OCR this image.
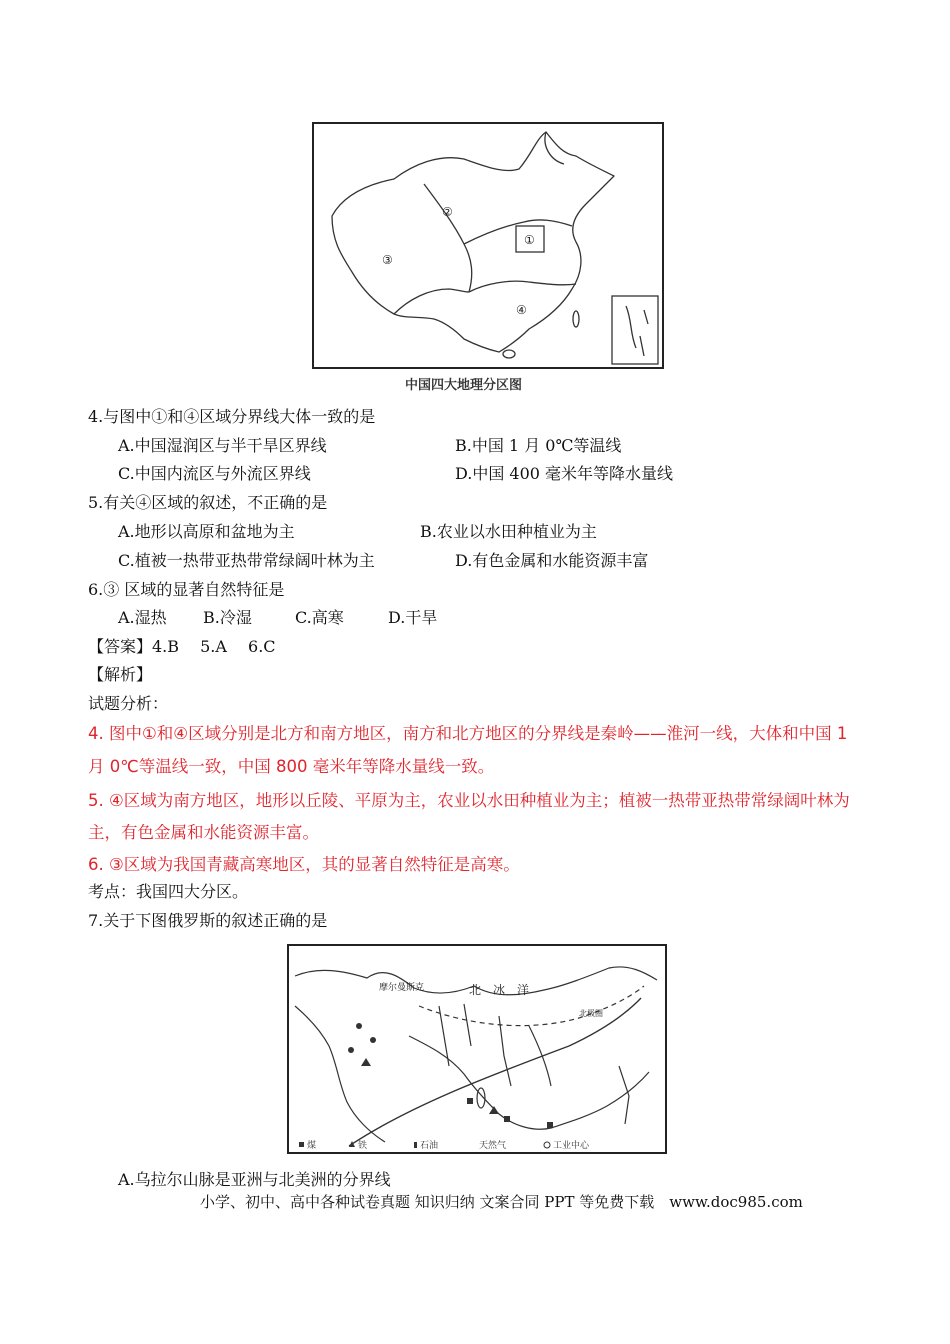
①
②
③
④
中国四大地理分区图
4.与图中①和④区域分界线大体一致的是
A.中国湿润区与半干旱区界线	B.中国 1 月 0℃等温线
C.中国内流区与外流区界线	D.中国 400 毫米年等降水量线
5.有关④区域的叙述，不正确的是
A.地形以高原和盆地为主	B.农业以水田种植业为主
C.植被一热带亚热带常绿阔叶林为主	D.有色金属和水能资源丰富
6.③ 区域的显著自然特征是
A.湿热 B.冷湿	C.高寒	D.干旱
【答案】4.B　 5.A　 6.C
【解析】
试题分析：
4. 图中①和④区域分别是北方和南方地区，南方和北方地区的分界线是秦岭——淮河一线，大体和中国 1
月 0℃等温线一致，中国 800 毫米年等降水量线一致。
5. ④区域为南方地区，地形以丘陵、平原为主，农业以水田种植业为主；植被一热带亚热带常绿阔叶林为
主，有色金属和水能资源丰富。
6. ③区域为我国青藏高寒地区，其的显著自然特征是高寒。
考点：我国四大分区。
7.关于下图俄罗斯的叙述正确的是
北　冰　洋
摩尔曼斯克
北极圈
煤	铁	石油	天然气	工业中心
A.乌拉尔山脉是亚洲与北美洲的分界线
小学、初中、高中各种试卷真题 知识归纳 文案合同 PPT 等免费下载　www.doc985.com
